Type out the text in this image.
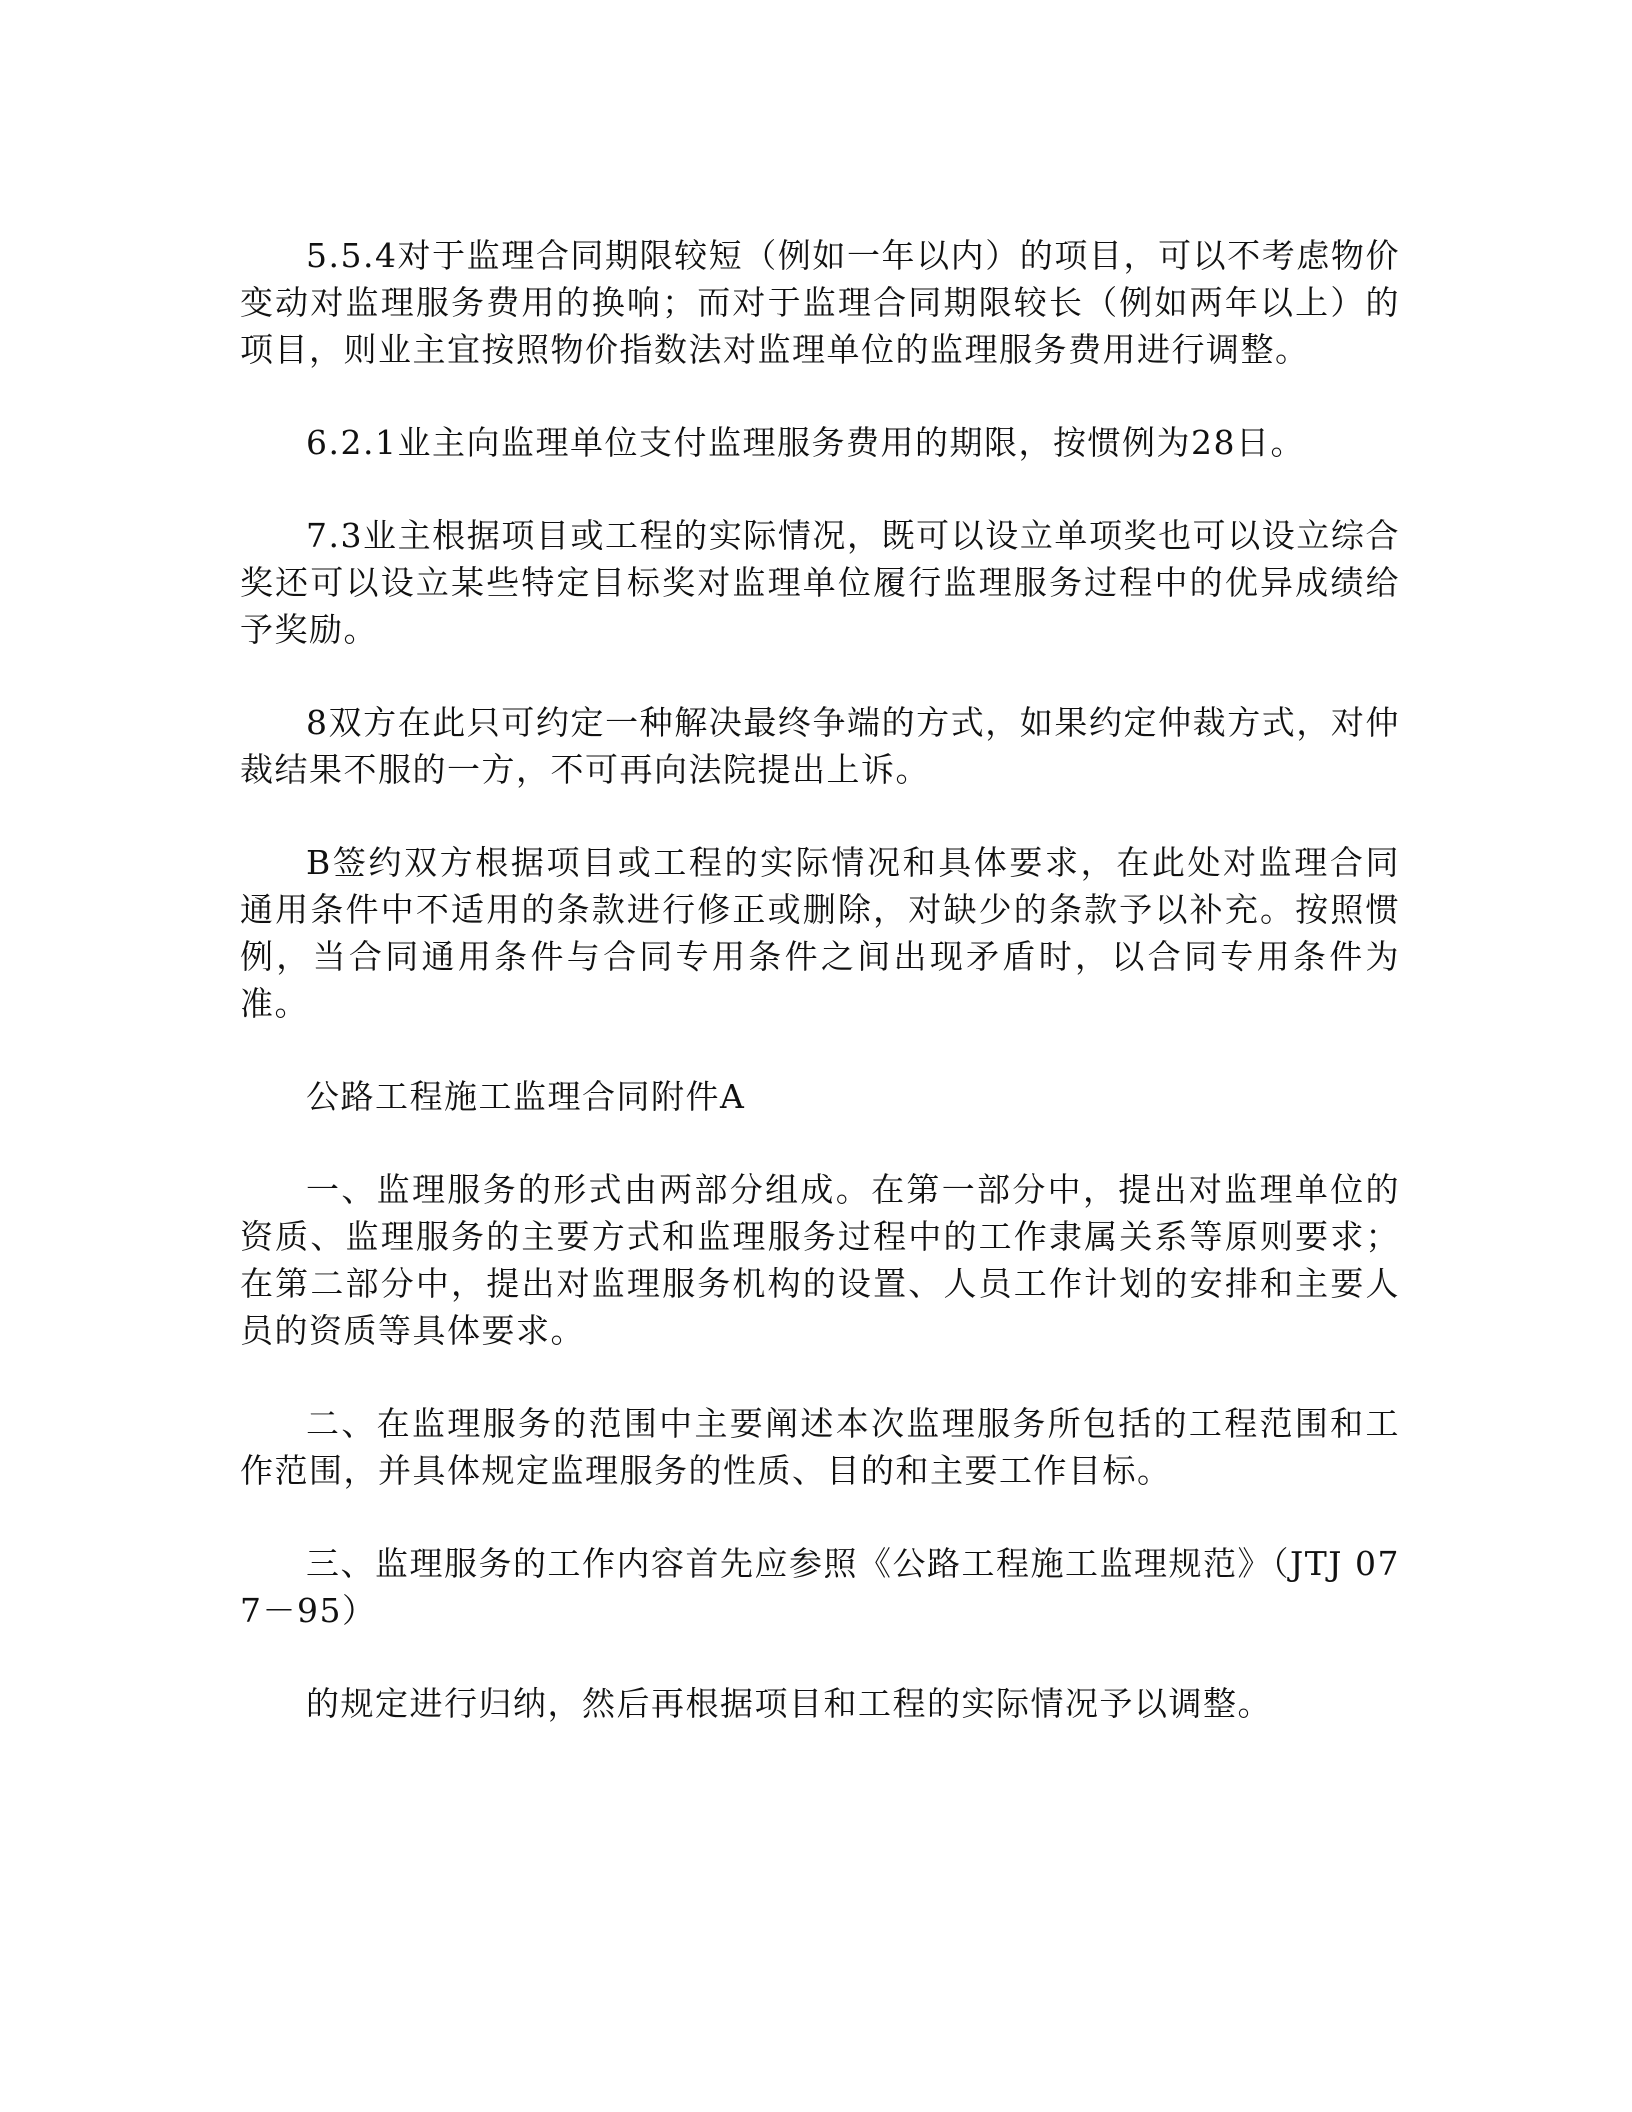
5.5.4对于监理合同期限较短（例如一年以内）的项目，可以不考虑物价变动对监理服务费用的换响；而对于监理合同期限较长（例如两年以上）的项目，则业主宜按照物价指数法对监理单位的监理服务费用进行调整。

6.2.1业主向监理单位支付监理服务费用的期限，按惯例为28日。

7.3业主根据项目或工程的实际情况，既可以设立单项奖也可以设立综合奖还可以设立某些特定目标奖对监理单位履行监理服务过程中的优异成绩给予奖励。

8双方在此只可约定一种解决最终争端的方式，如果约定仲裁方式，对仲裁结果不服的一方，不可再向法院提出上诉。

B签约双方根据项目或工程的实际情况和具体要求，在此处对监理合同通用条件中不适用的条款进行修正或删除，对缺少的条款予以补充。按照惯例，当合同通用条件与合同专用条件之间出现矛盾时，以合同专用条件为准。

公路工程施工监理合同附件A

一、监理服务的形式由两部分组成。在第一部分中，提出对监理单位的资质、监理服务的主要方式和监理服务过程中的工作隶属关系等原则要求；在第二部分中，提出对监理服务机构的设置、人员工作计划的安排和主要人员的资质等具体要求。

二、在监理服务的范围中主要阐述本次监理服务所包括的工程范围和工作范围，并具体规定监理服务的性质、目的和主要工作目标。

三、监理服务的工作内容首先应参照《公路工程施工监理规范》（JTJ 077－95）

的规定进行归纳，然后再根据项目和工程的实际情况予以调整。
